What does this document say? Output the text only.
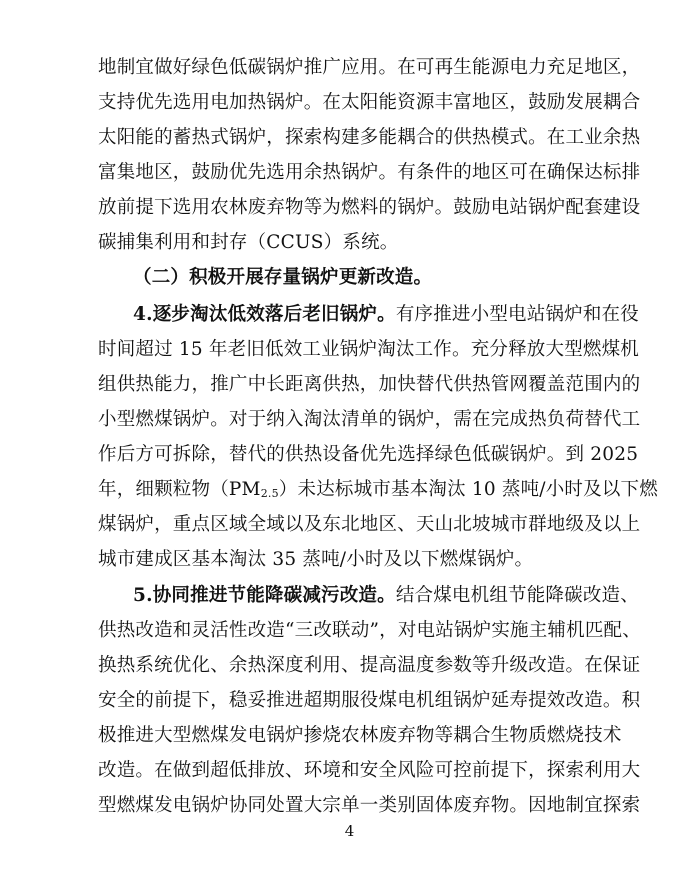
地制宜做好绿色低碳锅炉推广应用。在可再生能源电力充足地区，
支持优先选用电加热锅炉。在太阳能资源丰富地区，鼓励发展耦合
太阳能的蓄热式锅炉，探索构建多能耦合的供热模式。在工业余热
富集地区，鼓励优先选用余热锅炉。有条件的地区可在确保达标排
放前提下选用农林废弃物等为燃料的锅炉。鼓励电站锅炉配套建设
碳捕集利用和封存（CCUS）系统。
（二）积极开展存量锅炉更新改造。
4.逐步淘汰低效落后老旧锅炉。有序推进小型电站锅炉和在役
时间超过 15 年老旧低效工业锅炉淘汰工作。充分释放大型燃煤机
组供热能力，推广中长距离供热，加快替代供热管网覆盖范围内的
小型燃煤锅炉。对于纳入淘汰清单的锅炉，需在完成热负荷替代工
作后方可拆除，替代的供热设备优先选择绿色低碳锅炉。到 2025
年，细颗粒物$(PM_{2.5})$未达标城市基本淘汰 10 蒸吨/小时及以下燃
煤锅炉，重点区域全域以及东北地区、天山北坡城市群地级及以上
城市建成区基本淘汰 35 蒸吨/小时及以下燃煤锅炉。
5.协同推进节能降碳减污改造。结合煤电机组节能降碳改造、
供热改造和灵活性改造“三改联动”，对电站锅炉实施主辅机匹配、
换热系统优化、余热深度利用、提高温度参数等升级改造。在保证
安全的前提下，稳妥推进超期服役煤电机组锅炉延寿提效改造。积
极推进大型燃煤发电锅炉掺烧农林废弃物等耦合生物质燃烧技术
改造。在做到超低排放、环境和安全风险可控前提下，探索利用大
型燃煤发电锅炉协同处置大宗单一类别固体废弃物。因地制宜探索
4
